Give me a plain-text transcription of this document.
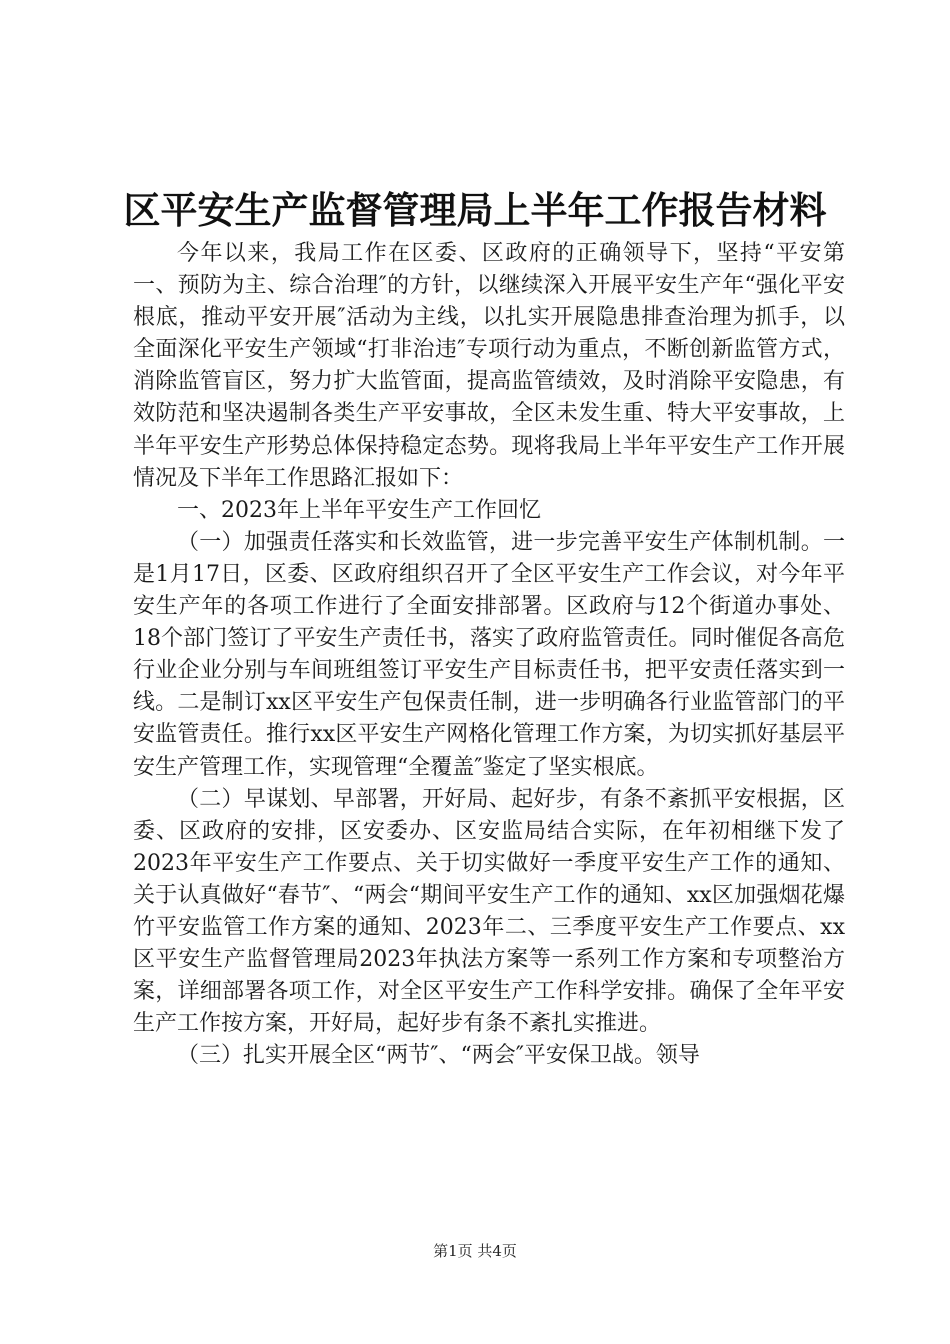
区平安生产监督管理局上半年工作报告材料

今年以来，我局工作在区委、区政府的正确领导下，坚持“平安第一、预防为主、综合治理″的方针，以继续深入开展平安生产年“强化平安根底，推动平安开展″活动为主线，以扎实开展隐患排查治理为抓手，以全面深化平安生产领域“打非治违″专项行动为重点，不断创新监管方式，消除监管盲区，努力扩大监管面，提高监管绩效，及时消除平安隐患，有效防范和坚决遏制各类生产平安事故，全区未发生重、特大平安事故，上半年平安生产形势总体保持稳定态势。现将我局上半年平安生产工作开展情况及下半年工作思路汇报如下：

一、2023年上半年平安生产工作回忆

（一）加强责任落实和长效监管，进一步完善平安生产体制机制。一是1月17日，区委、区政府组织召开了全区平安生产工作会议，对今年平安生产年的各项工作进行了全面安排部署。区政府与12个街道办事处、18个部门签订了平安生产责任书，落实了政府监管责任。同时催促各高危行业企业分别与车间班组签订平安生产目标责任书，把平安责任落实到一线。二是制订xx区平安生产包保责任制，进一步明确各行业监管部门的平安监管责任。推行xx区平安生产网格化管理工作方案，为切实抓好基层平安生产管理工作，实现管理“全覆盖″鉴定了坚实根底。

（二）早谋划、早部署，开好局、起好步，有条不紊抓平安根据，区委、区政府的安排，区安委办、区安监局结合实际，在年初相继下发了2023年平安生产工作要点、关于切实做好一季度平安生产工作的通知、关于认真做好“春节″、“两会“期间平安生产工作的通知、xx区加强烟花爆竹平安监管工作方案的通知、2023年二、三季度平安生产工作要点、xx区平安生产监督管理局2023年执法方案等一系列工作方案和专项整治方案，详细部署各项工作，对全区平安生产工作科学安排。确保了全年平安生产工作按方案，开好局，起好步有条不紊扎实推进。

（三）扎实开展全区“两节″、“两会″平安保卫战。领导

第1页 共4页
